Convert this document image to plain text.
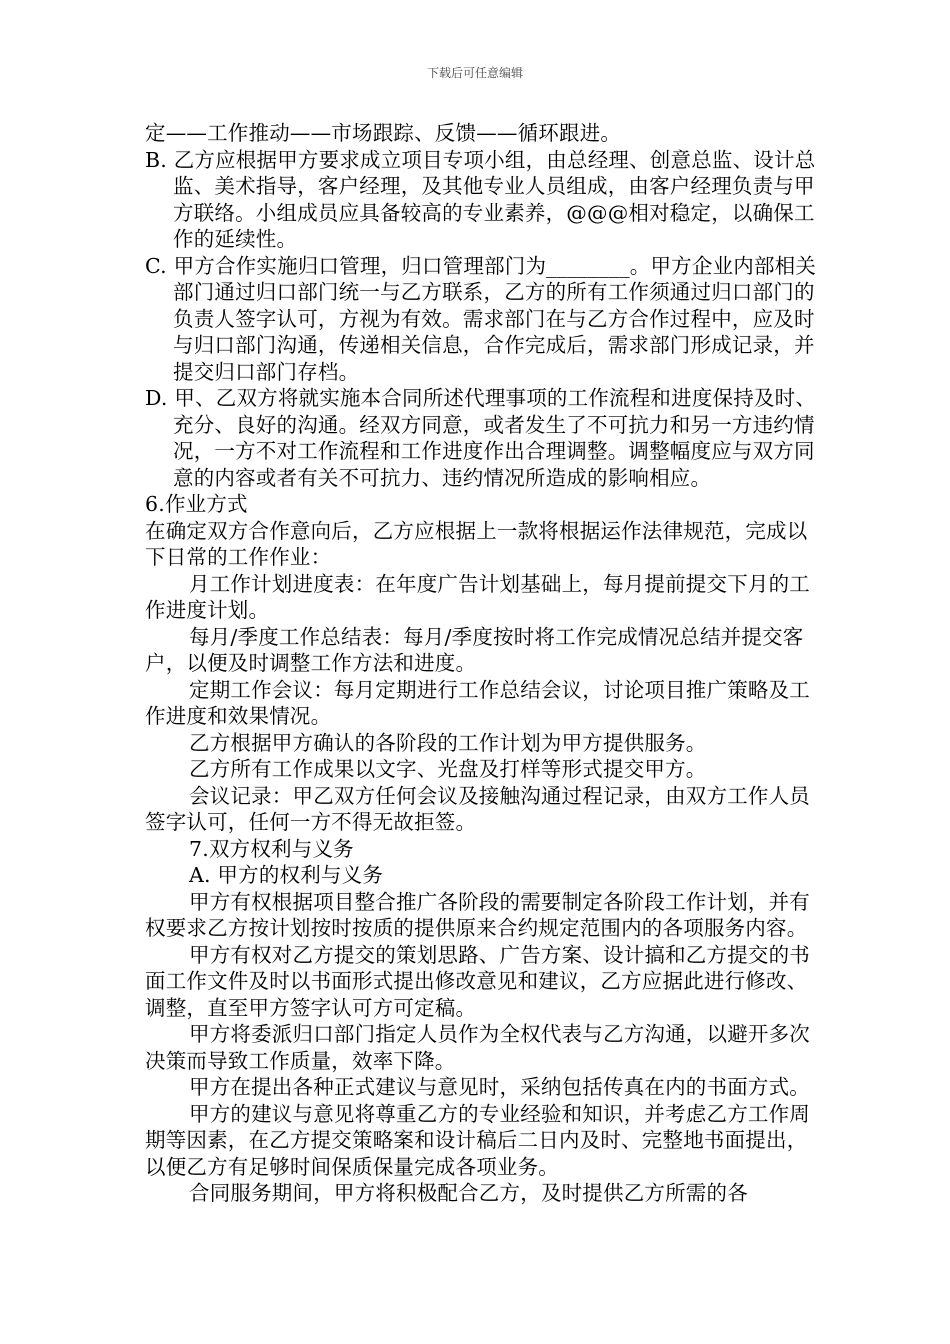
下载后可任意编辑

定——工作推动——市场跟踪、反馈——循环跟进。

B. 乙方应根据甲方要求成立项目专项小组，由总经理、创意总监、设计总监、美术指导，客户经理，及其他专业人员组成，由客户经理负责与甲方联络。小组成员应具备较高的专业素养，@@@相对稳定，以确保工作的延续性。

C. 甲方合作实施归口管理，归口管理部门为________。甲方企业内部相关部门通过归口部门统一与乙方联系，乙方的所有工作须通过归口部门的负责人签字认可，方视为有效。需求部门在与乙方合作过程中，应及时与归口部门沟通，传递相关信息，合作完成后，需求部门形成记录，并提交归口部门存档。

D. 甲、乙双方将就实施本合同所述代理事项的工作流程和进度保持及时、充分、良好的沟通。经双方同意，或者发生了不可抗力和另一方违约情况，一方不对工作流程和工作进度作出合理调整。调整幅度应与双方同意的内容或者有关不可抗力、违约情况所造成的影响相应。

6.作业方式

在确定双方合作意向后，乙方应根据上一款将根据运作法律规范，完成以下日常的工作作业：

月工作计划进度表：在年度广告计划基础上，每月提前提交下月的工作进度计划。

每月/季度工作总结表：每月/季度按时将工作完成情况总结并提交客户，以便及时调整工作方法和进度。

定期工作会议：每月定期进行工作总结会议，讨论项目推广策略及工作进度和效果情况。

乙方根据甲方确认的各阶段的工作计划为甲方提供服务。

乙方所有工作成果以文字、光盘及打样等形式提交甲方。

会议记录：甲乙双方任何会议及接触沟通过程记录，由双方工作人员签字认可，任何一方不得无故拒签。

7.双方权利与义务

A. 甲方的权利与义务

甲方有权根据项目整合推广各阶段的需要制定各阶段工作计划，并有权要求乙方按计划按时按质的提供原来合约规定范围内的各项服务内容。

甲方有权对乙方提交的策划思路、广告方案、设计搞和乙方提交的书面工作文件及时以书面形式提出修改意见和建议，乙方应据此进行修改、调整，直至甲方签字认可方可定稿。

甲方将委派归口部门指定人员作为全权代表与乙方沟通，以避开多次决策而导致工作质量，效率下降。

甲方在提出各种正式建议与意见时，采纳包括传真在内的书面方式。

甲方的建议与意见将尊重乙方的专业经验和知识，并考虑乙方工作周期等因素，在乙方提交策略案和设计稿后二日内及时、完整地书面提出，以便乙方有足够时间保质保量完成各项业务。

合同服务期间，甲方将积极配合乙方，及时提供乙方所需的各
